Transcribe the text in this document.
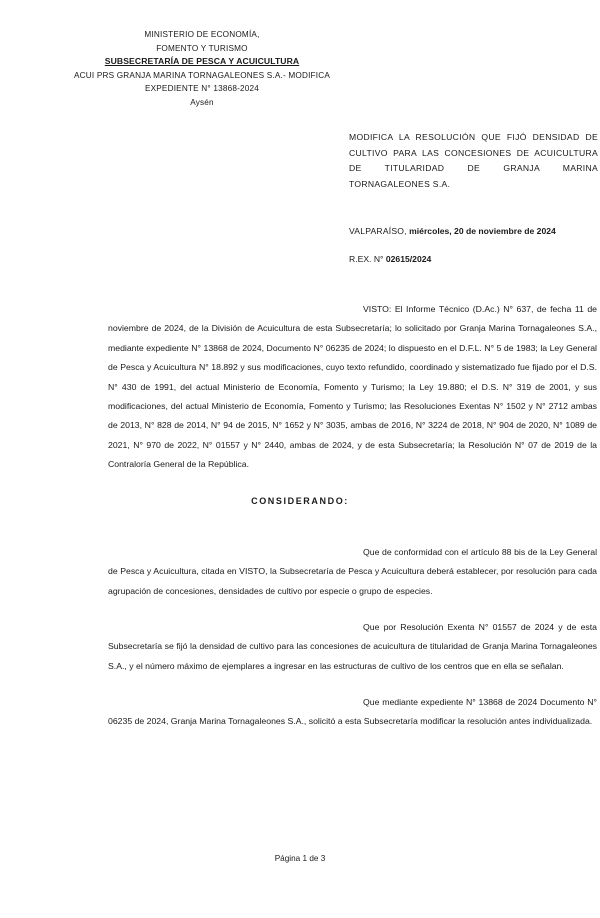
MINISTERIO DE ECONOMÍA,
FOMENTO Y TURISMO
SUBSECRETARÍA DE PESCA Y ACUICULTURA
ACUI PRS GRANJA MARINA TORNAGALEONES S.A.- MODIFICA
EXPEDIENTE N° 13868-2024
Aysén
MODIFICA LA RESOLUCIÓN QUE FIJÓ DENSIDAD DE CULTIVO PARA LAS CONCESIONES DE ACUICULTURA DE TITULARIDAD DE GRANJA MARINA TORNAGALEONES S.A.
VALPARAÍSO, miércoles, 20 de noviembre de 2024
R.EX. N° 02615/2024
VISTO: El Informe Técnico (D.Ac.) N° 637, de fecha 11 de noviembre de 2024, de la División de Acuicultura de esta Subsecretaría; lo solicitado por Granja Marina Tornagaleones S.A., mediante expediente N° 13868 de 2024, Documento N° 06235 de 2024; lo dispuesto en el D.F.L. N° 5 de 1983; la Ley General de Pesca y Acuicultura N° 18.892 y sus modificaciones, cuyo texto refundido, coordinado y sistematizado fue fijado por el D.S. N° 430 de 1991, del actual Ministerio de Economía, Fomento y Turismo; la Ley 19.880; el D.S. N° 319 de 2001, y sus modificaciones, del actual Ministerio de Economía, Fomento y Turismo; las Resoluciones Exentas N° 1502 y N° 2712 ambas de 2013, N° 828 de 2014, N° 94 de 2015, N° 1652 y N° 3035, ambas de 2016, N° 3224 de 2018, N° 904 de 2020, N° 1089 de 2021, N° 970 de 2022, N° 01557 y N° 2440, ambas de 2024, y de esta Subsecretaría; la Resolución N° 07 de 2019 de la Contraloría General de la República.
CONSIDERANDO:
Que de conformidad con el artículo 88 bis de la Ley General de Pesca y Acuicultura, citada en VISTO, la Subsecretaría de Pesca y Acuicultura deberá establecer, por resolución para cada agrupación de concesiones, densidades de cultivo por especie o grupo de especies.
Que por Resolución Exenta N° 01557 de 2024 y de esta Subsecretaría se fijó la densidad de cultivo para las concesiones de acuicultura de titularidad de Granja Marina Tornagaleones S.A., y el número máximo de ejemplares a ingresar en las estructuras de cultivo de los centros que en ella se señalan.
Que mediante expediente N° 13868 de 2024 Documento N° 06235 de 2024, Granja Marina Tornagaleones S.A., solicitó a esta Subsecretaría modificar la resolución antes individualizada.
Página 1 de 3
